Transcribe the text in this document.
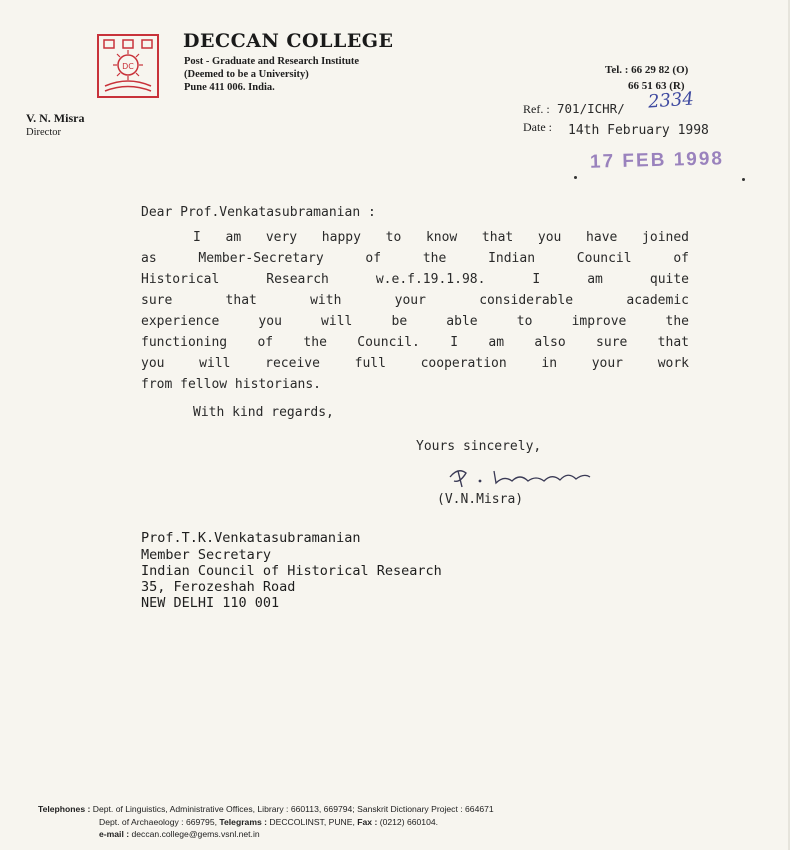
DC
DECCAN COLLEGE
Post - Graduate and Research Institute
(Deemed to be a University)
Pune 411 006. India.
Tel. : 66 29 82 (O)
66 51 63 (R)
V. N. Misra
Director
Ref. : 701/ICHR/ 2334
Date : 14th February 1998
17 FEB 1998
Dear Prof.Venkatasubramanian :
I am very happy to know that you have joined
as Member-Secretary of the Indian Council of
Historical Research w.e.f.19.1.98. I am quite
sure that with your considerable academic
experience you will be able to improve the
functioning of the Council. I am also sure that
you will receive full cooperation in your work
from fellow historians.
With kind regards,
Yours sincerely,
(V.N.Misra)
Prof.T.K.Venkatasubramanian
Member Secretary
Indian Council of Historical Research
35, Ferozeshah Road
NEW DELHI 110 001
Telephones : Dept. of Linguistics, Administrative Offices, Library : 660113, 669794; Sanskrit Dictionary Project : 664671
Dept. of Archaeology : 669795, Telegrams : DECCOLINST, PUNE, Fax : (0212) 660104.
e-mail : deccan.college@gems.vsnl.net.in
